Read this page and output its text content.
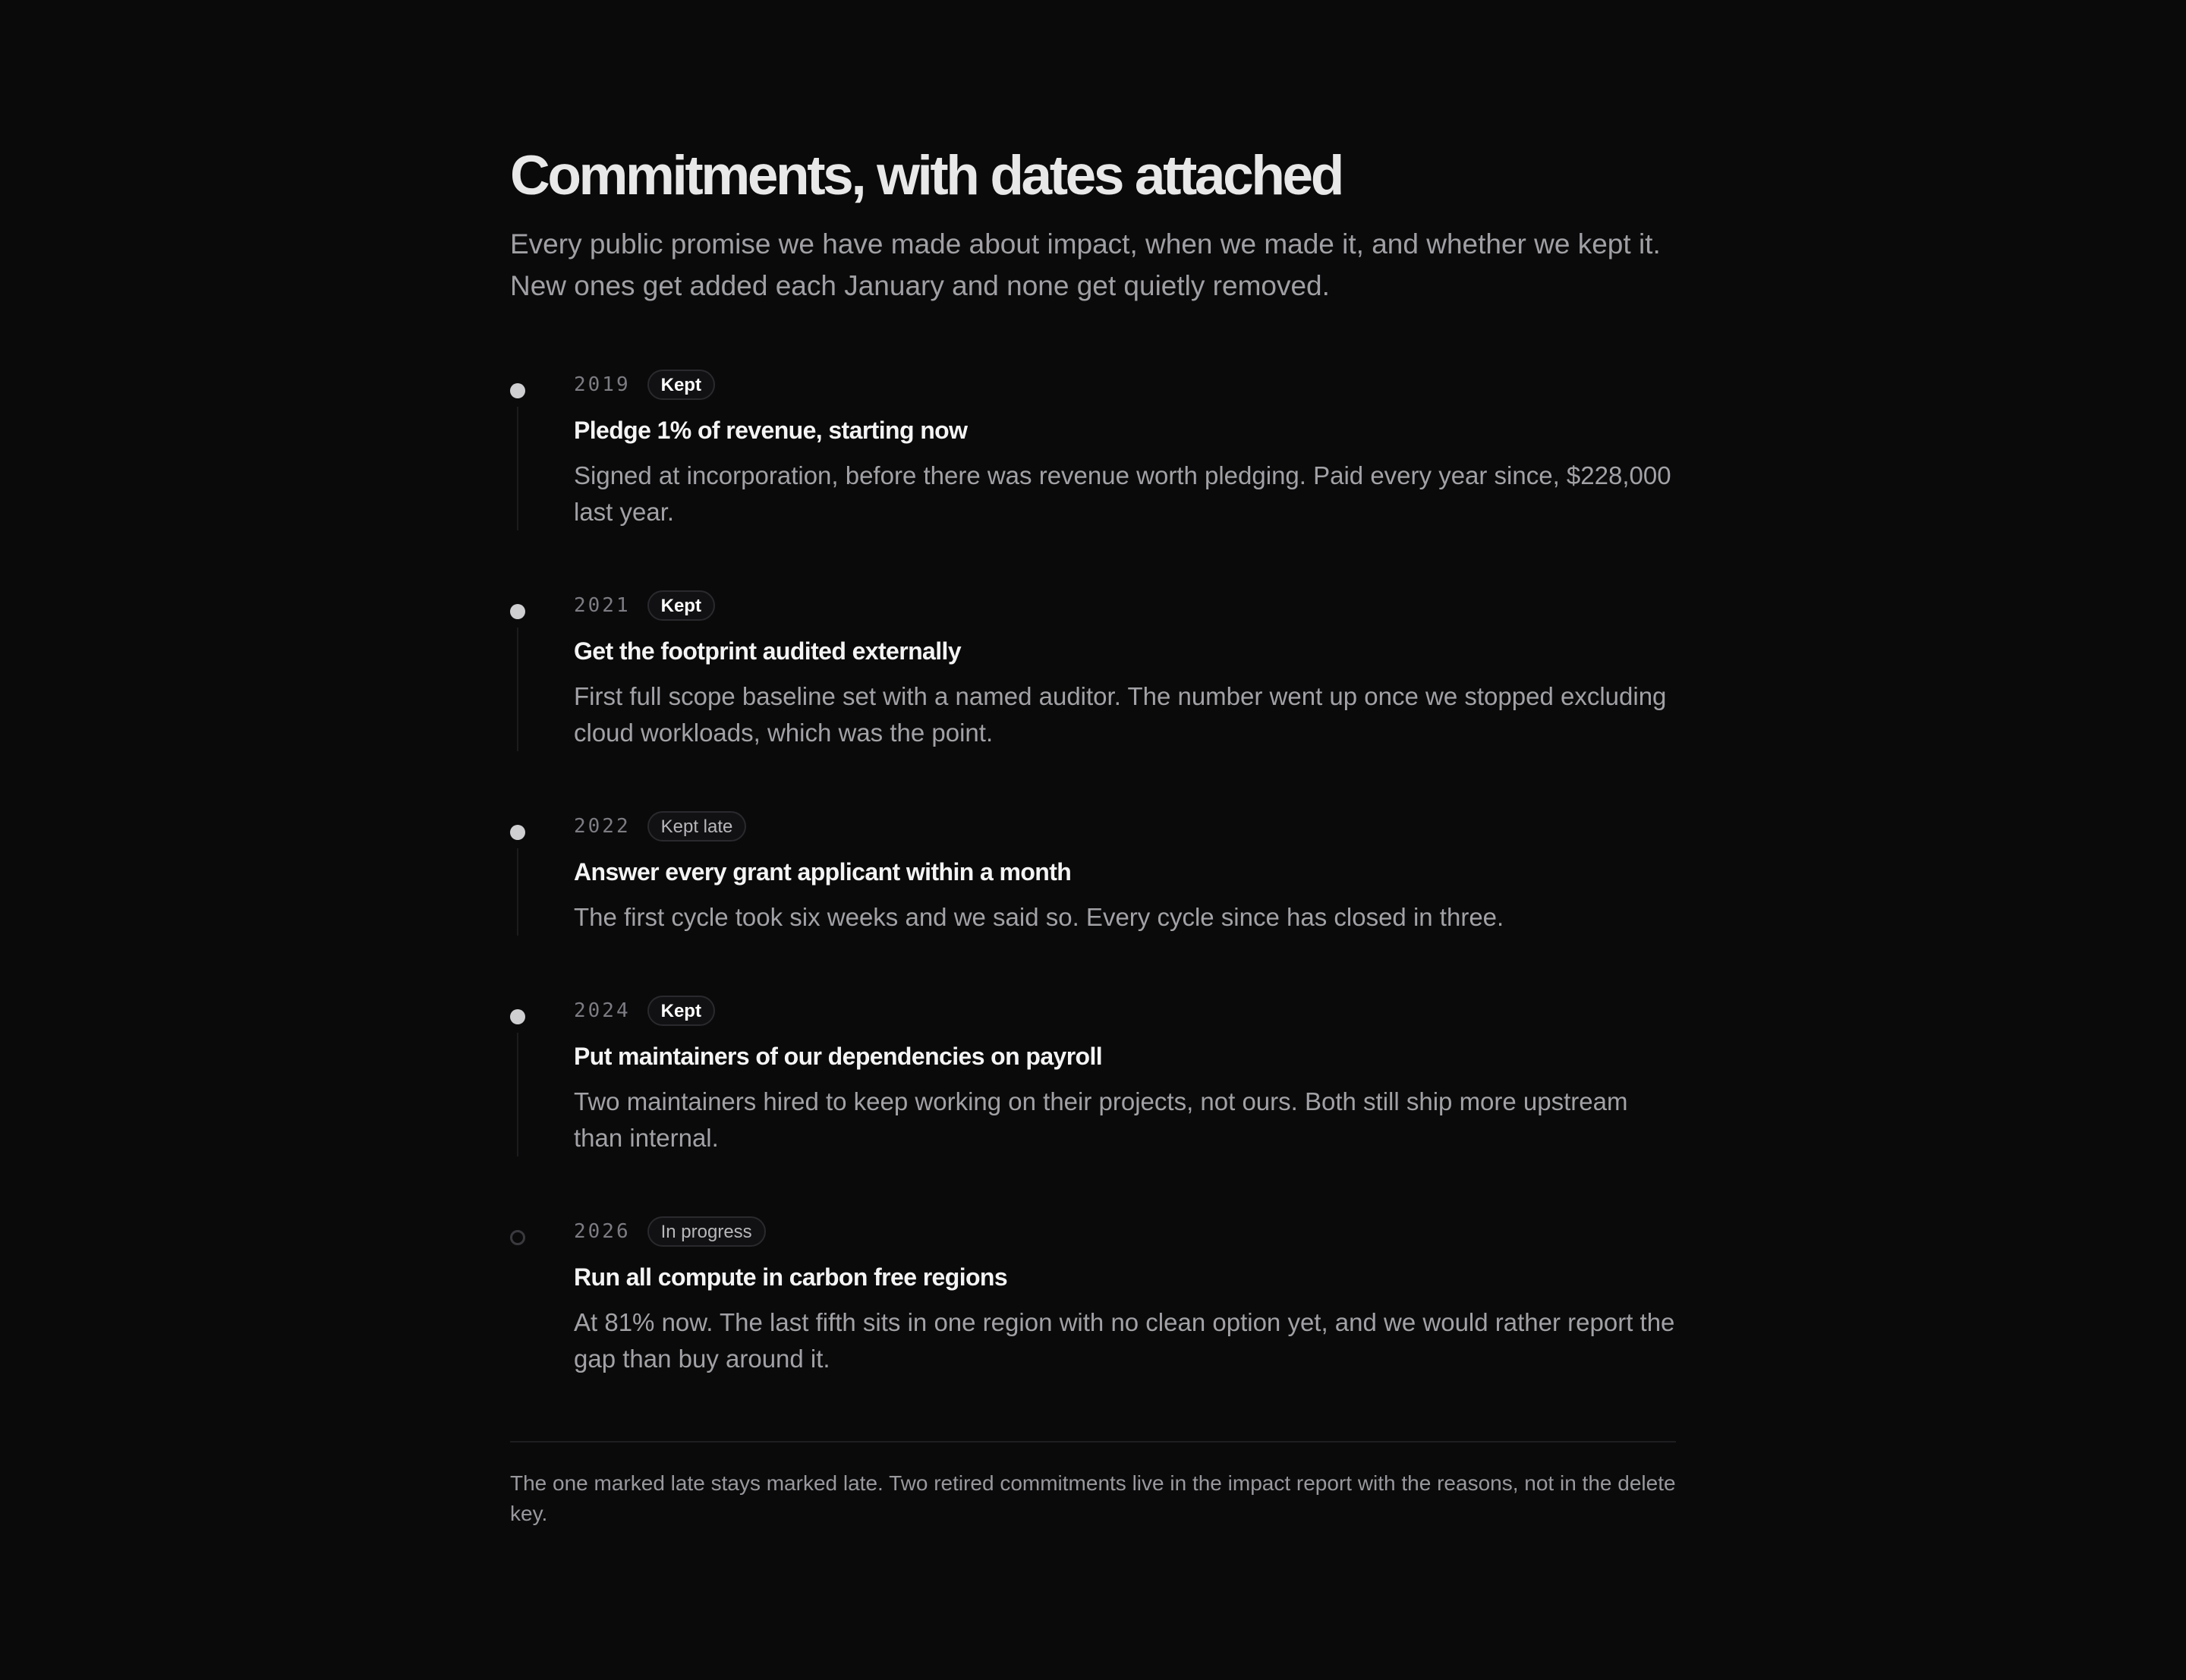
Commitments, with dates attached

Every public promise we have made about impact, when we made it, and whether we kept it. New ones get added each January and none get quietly removed.

2019	Kept
Pledge 1% of revenue, starting now

Signed at incorporation, before there was revenue worth pledging. Paid every year since, $228,000 last year.

2021	Kept
Get the footprint audited externally

First full scope baseline set with a named auditor. The number went up once we stopped excluding cloud workloads, which was the point.

2022	Kept late
Answer every grant applicant within a month

The first cycle took six weeks and we said so. Every cycle since has closed in three.

2024	Kept
Put maintainers of our dependencies on payroll

Two maintainers hired to keep working on their projects, not ours. Both still ship more upstream than internal.

2026	In progress
Run all compute in carbon free regions

At 81% now. The last fifth sits in one region with no clean option yet, and we would rather report the gap than buy around it.

The one marked late stays marked late. Two retired commitments live in the impact report with the reasons, not in the delete key.
